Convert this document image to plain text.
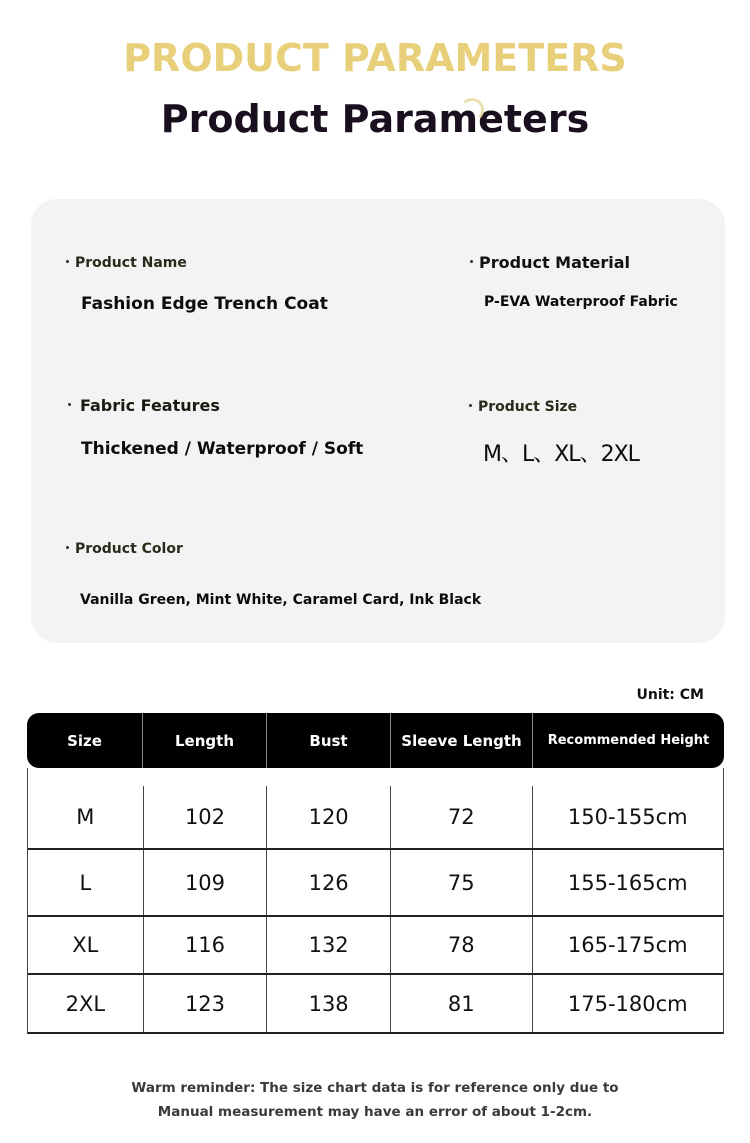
PRODUCT PARAMETERS
Product Parameters
Product Name
Fashion Edge Trench Coat
Product Material
P-EVA Waterproof Fabric
Fabric Features
Thickened / Waterproof / Soft
Product Size
M、L、XL、2XL
Product Color
Vanilla Green, Mint White, Caramel Card, Ink Black
Unit: CM
Size	Length	Bust	Sleeve Length	Recommended Height
M	102	120	72	150-155cm
L	109	126	75	155-165cm
XL	116	132	78	165-175cm
2XL	123	138	81	175-180cm
Warm reminder: The size chart data is for reference only due to
Manual measurement may have an error of about 1-2cm.
